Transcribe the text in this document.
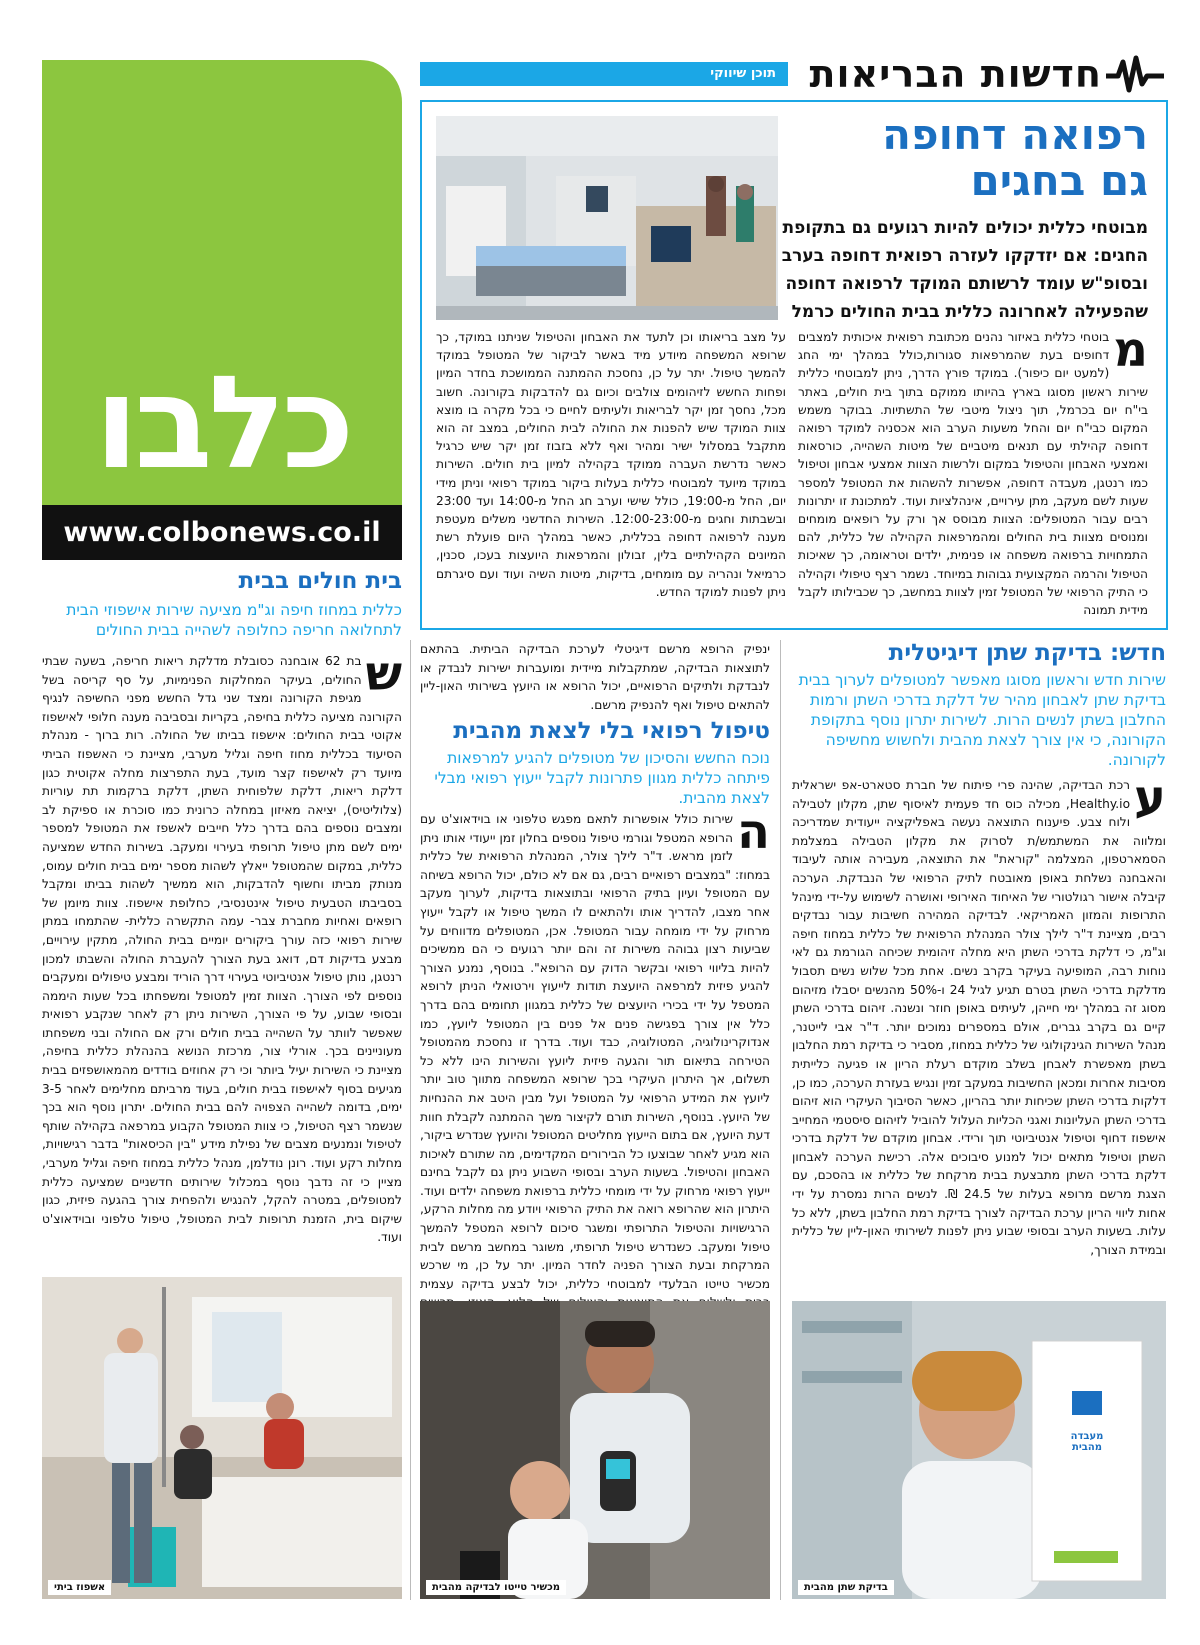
חדשות הבריאות
תוכן שיווקי
כלבו
www.colbonews.co.il
רפואה דחופה
גם בחגים
מבוטחי כללית יכולים להיות רגועים גם בתקופת החגים: אם יזדקקו לעזרה רפואית דחופה בערב ובסופ"ש עומד לרשותם המוקד לרפואה דחופה שהפעילה לאחרונה כללית בבית החולים כרמל
מ
בוטחי כללית באיזור נהנים מכתובת רפואית איכותית למצבים דחופים בעת שהמרפאות סגורות,כולל במהלך ימי החג (למעט יום כיפור). במוקד פורץ הדרך, ניתן למבוטחי כללית שירות ראשון מסוגו בארץ בהיותו ממוקם בתוך בית חולים, באתר בי"ח יום בכרמל, תוך ניצול מיטבי של התשתיות. בבוקר משמש המקום כבי"ח יום והחל משעות הערב הוא אכסניה למוקד רפואה דחופה קהילתי עם תנאים מיטביים של מיטות השהייה, כורסאות ואמצעי האבחון והטיפול במקום ולרשות הצוות אמצעי אבחון וטיפול כמו רנטגן, מעבדה דחופה, אפשרות להשהות את המטופל למספר שעות לשם מעקב, מתן עירויים, אינהלציות ועוד. למתכונת זו יתרונות רבים עבור המטופלים: הצוות מבוסס אך ורק על רופאים מומחים ומנוסים מצוות בית החולים ומהמרפאות הקהילה של כללית, להם התמחויות ברפואה משפחה או פנימית, ילדים וטראומה, כך שאיכות הטיפול והרמה המקצועית גבוהות במיוחד. נשמר רצף טיפולי וקהילה כי התיק הרפואי של המטופל זמין לצוות במחשב, כך שכבילותו לקבל מידית תמונה
על מצב בריאותו וכן לתעד את האבחון והטיפול שניתנו במוקד, כך שרופא המשפחה מיודע מיד באשר לביקור של המטופל במוקד להמשך טיפול. יתר על כן, נחסכת ההמתנה הממושכת בחדר המיון ופחות החשש לזיהומים צולבים וכיום גם להדבקות בקורונה. חשוב מכל, נחסך זמן יקר לבריאות ולעיתים לחיים כי בכל מקרה בו מוצא צוות המוקד שיש להפנות את החולה לבית החולים, במצב זה הוא מתקבל במסלול ישיר ומהיר ואף ללא בזבוז זמן יקר שיש כרגיל כאשר נדרשת העברה ממוקד בקהילה למיון בית חולים. השירות במוקד מיועד למבוטחי כללית בעלות ביקור במוקד רפואי וניתן מידי יום, החל מ-19:00, כולל שישי וערב חג החל מ-14:00 ועד 23:00 ובשבתות וחגים מ-12:00-23:00. השירות החדשני משלים מעטפת מענה לרפואה דחופה בכללית, כאשר במהלך היום פועלת רשת המיונים הקהילתיים בלין, זבולון והמרפאות היועצות בעכו, סכנין, כרמיאל ונהריה עם מומחים, בדיקות, מיטות השיה ועוד ועם סיגרתם ניתן לפנות למוקד החדש.
בית חולים בבית
כללית במחוז חיפה וג"מ מציעה שירות אישפוזי הבית לתחלואה חריפה כחלופה לשהייה בבית החולים
ש
בת 62 אובחנה כסובלת מדלקת ריאות חריפה, בשעה שבתי החולים, בעיקר המחלקות הפנימיות, על סף קריסה בשל מגיפת הקורונה ומצד שני גדל החשש מפני החשיפה לנגיף הקורונה מציעה כללית בחיפה, בקריות ובסביבה מענה חלופי לאישפוז אקוטי בבית החולים: אישפוז בביתו של החולה. רות ברוך - מנהלת הסיעוד בכללית מחוז חיפה וגליל מערבי, מציינת כי האשפוז הביתי מיועד רק לאישפוז קצר מועד, בעת התפרצות מחלה אקוטית כגון דלקת ריאות, דלקת שלפוחית השתן, דלקת ברקמות תת עוריות (צלוליטיס), יציאה מאיזון במחלה כרונית כמו סוכרת או ספיקת לב ומצבים נוספים בהם בדרך כלל חייבים לאשפז את המטופל למספר ימים לשם מתן טיפול תרופתי בעירוי ומעקב. בשירות החדש שמציעה כללית, במקום שהמטופל ייאלץ לשהות מספר ימים בבית חולים עמוס, מנותק מביתו וחשוף להדבקות, הוא ממשיך לשהות בביתו ומקבל בסביבתו הטבעית טיפול אינטנסיבי, כחלופת אישפוז. צוות מיומן של רופאים ואחיות מחברת צבר- עמה התקשרה כללית- שהתמחו במתן שירות רפואי כזה עורך ביקורים יומיים בבית החולה, מתקין עירויים, מבצע בדיקות דם, דואג בעת הצורך להעברת החולה והשבתו למכון רנטגן, נותן טיפול אנטיביוטי בעירוי דרך הוריד ומבצע טיפולים ומעקבים נוספים לפי הצורך. הצוות זמין למטופל ומשפחתו בכל שעות היממה ובסופי שבוע, על פי הצורך, השירות ניתן רק לאחר שנקבע רפואית שאפשר לוותר על השהייה בבית חולים ורק אם החולה ובני משפחתו מעוניינים בכך. אורלי צור, מרכזת הנושא בהנהלת כללית בחיפה, מציינת כי השירות יעיל ביותר וכי רק אחוזים בודדים מהמאושפזים בבית מגיעים בסוף לאישפוז בבית חולים, בעוד מרביתם מחלימים לאחר 3-5 ימים, בדומה לשהייה הצפויה להם בבית החולים. יתרון נוסף הוא בכך שנשמר רצף הטיפול, כי צוות המטופל הקבוע במרפאה בקהילה שותף לטיפול ונמנעים מצבים של נפילת מידע "בין הכיסאות" בדבר רגישויות, מחלות רקע ועוד. רונן נודלמן, מנהל כללית במחוז חיפה וגליל מערבי, מציין כי זה נדבך נוסף במכלול שירותים חדשניים שמציעה כללית למטופלים, במטרה להקל, להנגיש ולהפחית צורך בהגעה פיזית, כגון שיקום בית, הזמנת תרופות לבית המטופל, טיפול טלפוני ובוידאוצ'ט ועוד.
אשפוז ביתי
ינפיק הרופא מרשם דיגיטלי לערכת הבדיקה הביתית. בהתאם לתוצאות הבדיקה, שמתקבלות מיידית ומועברות ישירות לנבדק או לנבדקת ולתיקים הרפואיים, יכול הרופא או היועץ בשירותי האון-ליין להתאים טיפול ואף להנפיק מרשם.
טיפול רפואי בלי לצאת מהבית
נוכח החשש והסיכון של מטופלים להגיע למרפאות פיתחה כללית מגוון פתרונות לקבל ייעוץ רפואי מבלי לצאת מהבית.
ה
שירות כולל אופשרות לתאם מפגש טלפוני או בוידאוצ'ט עם הרופא המטפל וגורמי טיפול נוספים בחלון זמן ייעודי אותו ניתן לזמן מראש. ד"ר לילך צולר, המנהלת הרפואית של כללית במחוז: "במצבים רפואיים רבים, גם אם לא כולם, יכול הרופא בשיחה עם המטופל ועיון בתיק הרפואי ובתוצאות בדיקות, לערוך מעקב אחר מצבו, להדריך אותו ולהתאים לו המשך טיפול או לקבל ייעוץ מרחוק על ידי מומחה עבור המטופל. אכן, המטופלים מדווחים על שביעות רצון גבוהה משירות זה והם יותר רגועים כי הם ממשיכים להיות בליווי רפואי ובקשר הדוק עם הרופא". בנוסף, נמנע הצורך להגיע פיזית למרפאה היועצת תודות לייעוץ וירטואלי הניתן לרופא המטפל על ידי בכירי היועצים של כללית במגוון תחומים בהם בדרך כלל אין צורך בפגישה פנים אל פנים בין המטופל ליועץ, כמו אנדוקרינולוגיה, המטולוגיה, כבד ועוד. בדרך זו נחסכת מהמטופל הטירחה בתיאום תור והגעה פיזית ליועץ והשירות הינו ללא כל תשלום, אך היתרון העיקרי בכך שרופא המשפחה מתווך טוב יותר ליועץ את המידע הרפואי על המטופל ועל מבין היטב את ההנחיות של היועץ. בנוסף, השירות תורם לקיצור משך ההמתנה לקבלת חוות דעת היועץ, אם בתום הייעוץ מחליטים המטופל והיועץ שנדרש ביקור, הוא מגיע לאחר שבוצעו כל הבירורים המקדימים, מה שתורם לאיכות האבחון והטיפול. בשעות הערב ובסופי השבוע ניתן גם לקבל בחינם ייעוץ רפואי מרחוק על ידי מומחי כללית ברפואת משפחה ילדים ועוד. היתרון הוא שהרופא רואה את התיק הרפואי ויודע מה מחלות הרקע, הרגישויות והטיפול התרופתי ומשגר סיכום לרופא המטפל להמשך טיפול ומעקב. כשנדרש טיפול תרופתי, משוגר במחשב מרשם לבית המרקחת ובעת הצורך הפניה לחדר המיון. יתר על כן, מי שרכש מכשיר טייטו הבלעדי למבוטחי כללית, יכול לבצע בדיקה עצמית
מכשיר טייטו לבדיקה מהבית
חדש: בדיקת שתן דיגיטלית
שירות חדש וראשון מסוגו מאפשר למטופלים לערוך בבית בדיקת שתן לאבחון מהיר של דלקת בדרכי השתן ורמות החלבון בשתן לנשים הרות. לשירות יתרון נוסף בתקופת הקורונה, כי אין צורך לצאת מהבית ולחשוש מחשיפה לקורונה.
ע
רכת הבדיקה, שהינה פרי פיתוח של חברת סטארט-אפ ישראלית Healthy.io, מכילה כוס חד פעמית לאיסוף שתן, מקלון לטבילה ולוח צבע. פיענוח התוצאה נעשה באפליקציה ייעודית שמדריכה ומלווה את המשתמש/ת לסרוק את מקלון הטבילה במצלמת הסמארטפון, המצלמה "קוראת" את התוצאה, מעבירה אותה לעיבוד והאבחנה נשלחת באופן מאובטח לתיק הרפואי של הנבדקת. הערכה קיבלה אישור רגולטורי של האיחוד האירופי ואושרה לשימוש על-ידי מינהל התרופות והמזון האמריקאי. לבדיקה המהירה חשיבות עבור נבדקים רבים, מציינת ד"ר לילך צולר המנהלת הרפואית של כללית במחוז חיפה וג"מ, כי דלקת בדרכי השתן היא מחלה זיהומית שכיחה הגורמת גם לאי נוחות רבה, המופיעה בעיקר בקרב נשים. אחת מכל שלוש נשים תסבול מדלקת בדרכי השתן בטרם תגיע לגיל 24 ו-50% מהנשים יסבלו מזיהום מסוג זה במהלך ימי חייהן, לעיתים באופן חוזר ונשנה. זיהום בדרכי השתן קיים גם בקרב גברים, אולם במספרים נמוכים יותר. ד"ר אבי לייטנר, מנהל השירות הגינקולוגי של כללית במחוז, מסביר כי בדיקת רמת החלבון בשתן מאפשרת לאבחן בשלב מוקדם רעלת הריון או פגיעה כלייתית מסיבות אחרות ומכאן החשיבות במעקב זמין ונגיש בעזרת הערכה, כמו כן, דלקות בדרכי השתן שכיחות יותר בהריון, כאשר הסיבוך העיקרי הוא זיהום בדרכי השתן העליונות ואגני הכליות העלול להוביל לזיהום סיסטמי המחייב אישפוז דחוף וטיפול אנטיביוטי תוך ורידי. אבחון מוקדם של דלקת בדרכי השתן וטיפול מתאים יכול למנוע סיבוכים אלה. רכישת הערכה לאבחון דלקת בדרכי השתן מתבצעת בבית מרקחת של כללית או בהסכם, עם הצגת מרשם מרופא בעלות של 24.5 ₪. לנשים הרות נמסרת על ידי אחות ליווי הריון ערכת הבדיקה לצורך בדיקת רמת החלבון בשתן, ללא כל עלות. בשעות הערב ובסופי שבוע ניתן לפנות לשירותי האון-ליין של כללית ובמידת הצורך,
מעבדה מהבית
בדיקת שתן מהבית
